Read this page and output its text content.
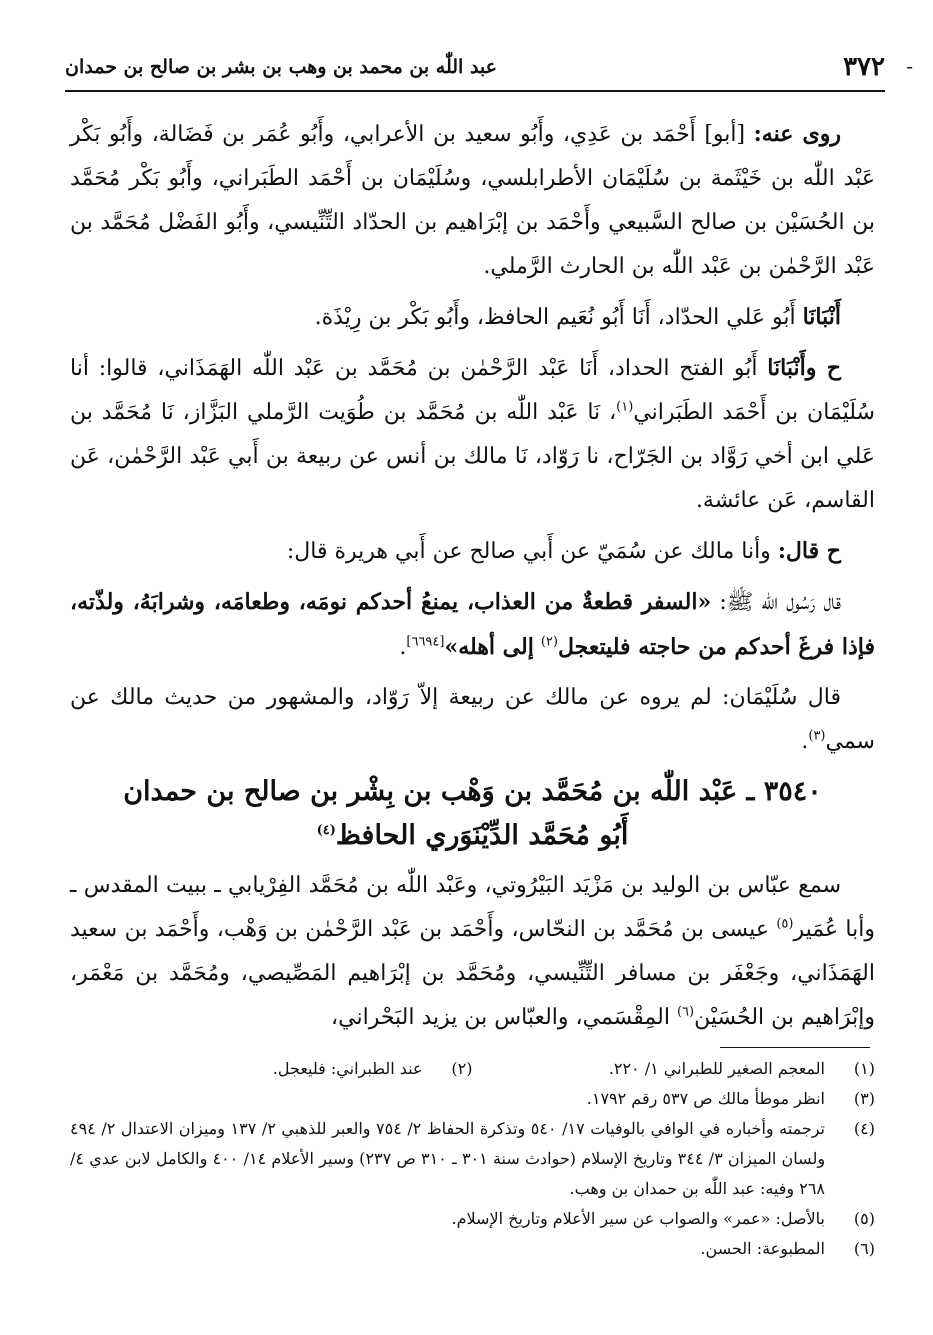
-
٣٧٢
عبد اللّٰه بن محمد بن وهب بن بشر بن صالح بن حمدان

روى عنه: [أبو] أَحْمَد بن عَدِي، وأَبُو سعيد بن الأعرابي، وأَبُو عُمَر بن فَضَالة، وأَبُو بَكْر عَبْد اللّٰه بن خَيْثَمة بن سُلَيْمَان الأطرابلسي، وسُلَيْمَان بن أَحْمَد الطَبَراني، وأَبُو بَكْر مُحَمَّد بن الحُسَيْن بن صالح السَّبيعي وأَحْمَد بن إبْرَاهيم بن الحدّاد التِّنِّيسي، وأَبُو الفَضْل مُحَمَّد بن عَبْد الرَّحْمٰن بن عَبْد اللّٰه بن الحارث الرَّملي.

أَنْبَانَا أَبُو عَلي الحدّاد، أَنَا أَبُو نُعَيم الحافظ، وأَبُو بَكْر بن رِيْذَة.

ح وأَنْبَانَا أَبُو الفتح الحداد، أَنَا عَبْد الرَّحْمٰن بن مُحَمَّد بن عَبْد اللّٰه الهَمَذَاني، قالوا: أنا سُلَيْمَان بن أَحْمَد الطَبَراني$^{(١)}$، نَا عَبْد اللّٰه بن مُحَمَّد بن طُوَيت الرَّملي البَزَّاز، نَا مُحَمَّد بن عَلي ابن أخي رَوَّاد بن الجَرّاح، نا رَوّاد، نَا مالك بن أنس عن ربيعة بن أَبي عَبْد الرَّحْمٰن، عَن القاسم، عَن عائشة.

ح قال: وأنا مالك عن سُمَيّ عن أَبي صالح عن أَبي هريرة قال:

قال رَسُول اللّٰه ﷺ: «السفر قطعةٌ من العذاب، يمنعُ أحدكم نومَه، وطعامَه، وشرابَهُ، ولذّته، فإذا فرغَ أحدكم من حاجته فليتعجل$^{(٢)}$ إلى أهله»[٦٦٩٤].

قال سُلَيْمَان: لم يروه عن مالك عن ربيعة إلاّ رَوّاد، والمشهور من حديث مالك عن سمي$^{(٣)}$.

٣٥٤٠ ـ عَبْد اللّٰه بن مُحَمَّد بن وَهْب بن بِشْر بن صالح بن حمدان
أَبُو مُحَمَّد الدِّيْنَوَري الحافظ$^{(٤)}$

سمع عبّاس بن الوليد بن مَزْيَد البَيْرُوتي، وعَبْد اللّٰه بن مُحَمَّد الفِرْيابي ـ ببيت المقدس ـ وأبا عُمَير$^{(٥)}$ عيسى بن مُحَمَّد بن النحّاس، وأَحْمَد بن عَبْد الرَّحْمٰن بن وَهْب، وأَحْمَد بن سعيد الهَمَذَاني، وجَعْفَر بن مسافر التِّنِّيسي، ومُحَمَّد بن إبْرَاهيم المَصِّيصي، ومُحَمَّد بن مَعْمَر، وإبْرَاهيم بن الحُسَيْن$^{(٦)}$ المِقْسَمي، والعبّاس بن يزيد البَحْراني،

(١)
المعجم الصغير للطبراني ١/ ٢٢٠.
(٢)
عند الطبراني: فليعجل.
(٣)
انظر موطأ مالك ص ٥٣٧ رقم ١٧٩٢.
(٤)
ترجمته وأخباره في الوافي بالوفيات ١٧/ ٥٤٠ وتذكرة الحفاظ ٢/ ٧٥٤ والعبر للذهبي ٢/ ١٣٧ وميزان الاعتدال ٢/ ٤٩٤ ولسان الميزان ٣/ ٣٤٤ وتاريخ الإسلام (حوادث سنة ٣٠١ ـ ٣١٠ ص ٢٣٧) وسير الأعلام ١٤/ ٤٠٠ والكامل لابن عدي ٤/ ٢٦٨ وفيه: عبد اللّٰه بن حمدان بن وهب.
(٥)
بالأصل: «عمر» والصواب عن سير الأعلام وتاريخ الإسلام.
(٦)
المطبوعة: الحسن.
